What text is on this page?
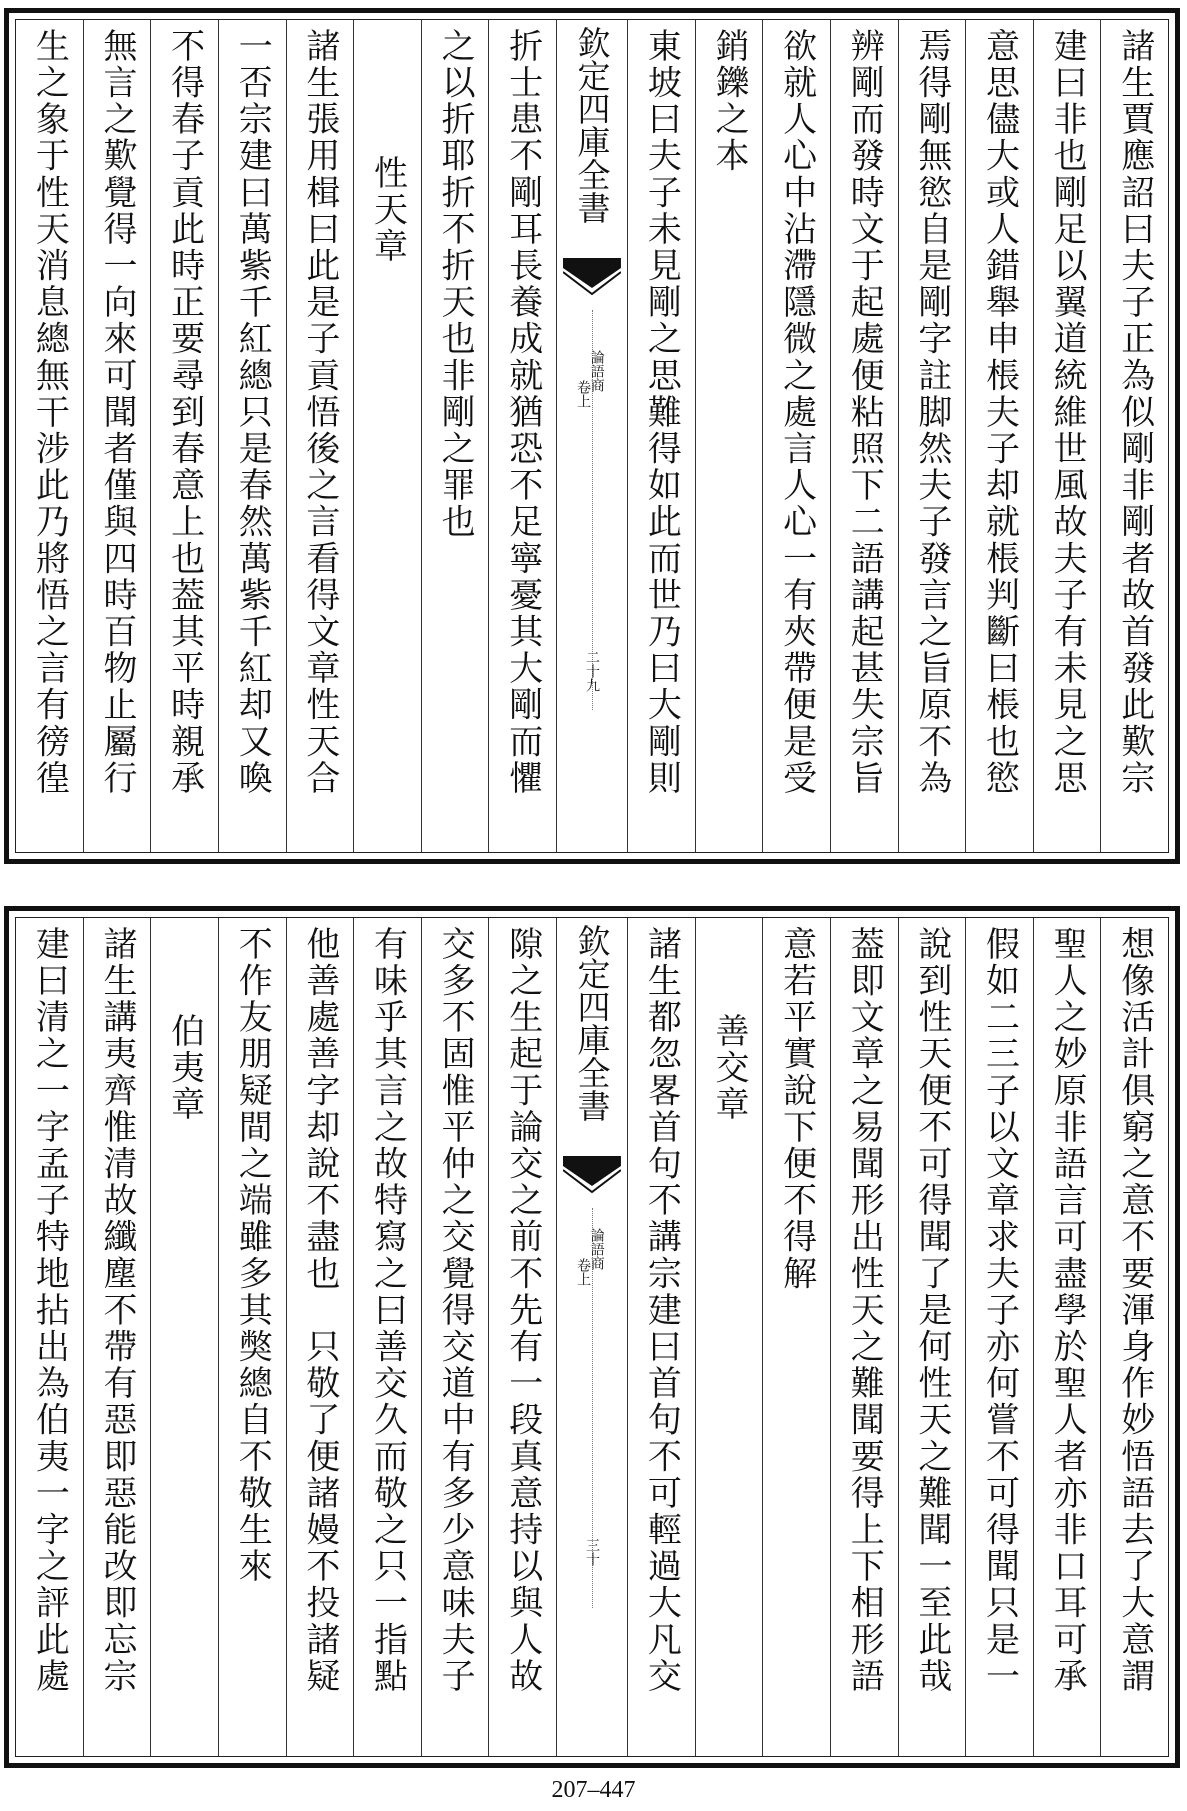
諸生賈應詔曰夫子正為似剛非剛者故首發此歎宗
建曰非也剛足以翼道統維世風故夫子有未見之思
意思儘大或人錯舉申棖夫子却就棖判斷曰棖也慾
焉得剛無慾自是剛字註脚然夫子發言之旨原不為
辨剛而發時文于起處便粘照下二語講起甚失宗旨
欲就人心中沾滯隱微之處言人心一有夾帶便是受
銷鑠之本
東坡曰夫子未見剛之思難得如此而世乃曰大剛則
欽定四庫全書
論語商
卷上
二十九
折士患不剛耳長養成就猶恐不足寧憂其大剛而懼
之以折耶折不折天也非剛之罪也
性天章
諸生張用楫曰此是子貢悟後之言看得文章性天合
一否宗建曰萬紫千紅總只是春然萬紫千紅却又喚
不得春子貢此時正要尋到春意上也葢其平時親承
無言之歎覺得一向來可聞者僅與四時百物止屬行
生之象于性天消息總無干涉此乃將悟之言有徬徨
想像活計俱窮之意不要渾身作妙悟語去了大意謂
聖人之妙原非語言可盡學於聖人者亦非口耳可承
假如二三子以文章求夫子亦何嘗不可得聞只是一
說到性天便不可得聞了是何性天之難聞一至此哉
葢即文章之易聞形出性天之難聞要得上下相形語
意若平實說下便不得解
善交章
諸生都忽畧首句不講宗建曰首句不可輕過大凡交
欽定四庫全書
論語商
卷上
三十
隙之生起于論交之前不先有一段真意持以與人故
交多不固惟平仲之交覺得交道中有多少意味夫子
有味乎其言之故特寫之曰善交久而敬之只一指點
他善處善字却說不盡也　只敬了便諸嫚不投諸疑
不作友朋疑間之端雖多其獘總自不敬生來
伯夷章
諸生講夷齊惟清故纖塵不帶有惡即惡能改即忘宗
建曰清之一字孟子特地拈出為伯夷一字之評此處
207–447
